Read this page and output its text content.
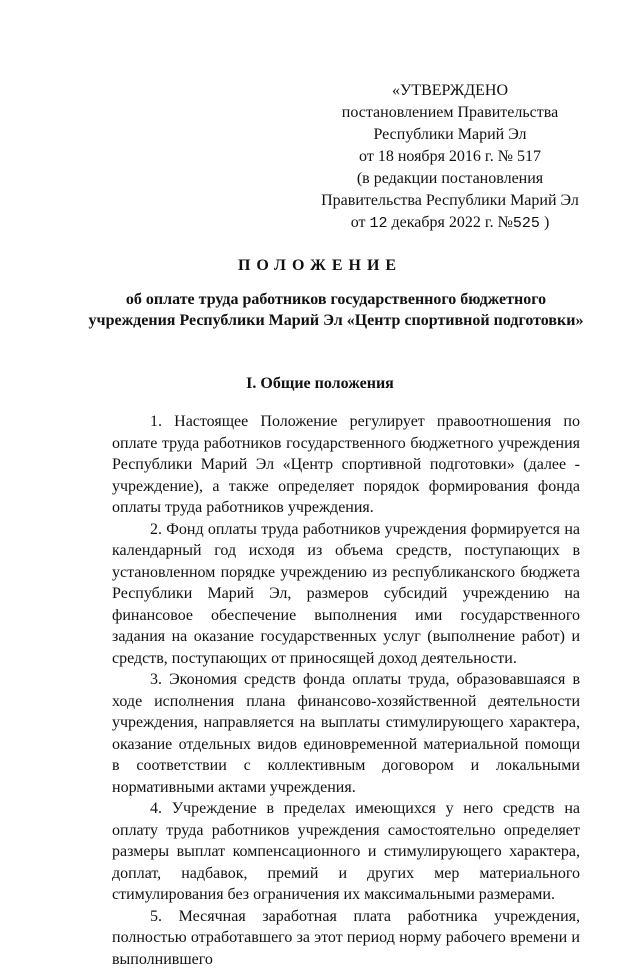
«УТВЕРЖДЕНО
постановлением Правительства
Республики Марий Эл
от 18 ноября 2016 г. № 517
(в редакции постановления
Правительства Республики Марий Эл
от 12 декабря 2022 г. №525 )
ПОЛОЖЕНИЕ
об оплате труда работников государственного бюджетного учреждения Республики Марий Эл «Центр спортивной подготовки»
I. Общие положения

1. Настоящее Положение регулирует правоотношения по оплате труда работников государственного бюджетного учреждения Республики Марий Эл «Центр спортивной подготовки» (далее - учреждение), а также определяет порядок формирования фонда оплаты труда работников учреждения.

2. Фонд оплаты труда работников учреждения формируется на календарный год исходя из объема средств, поступающих в установленном порядке учреждению из республиканского бюджета Республики Марий Эл, размеров субсидий учреждению на финансовое обеспечение выполнения ими государственного задания на оказание государственных услуг (выполнение работ) и средств, поступающих от приносящей доход деятельности.

3. Экономия средств фонда оплаты труда, образовавшаяся в ходе исполнения плана финансово-хозяйственной деятельности учреждения, направляется на выплаты стимулирующего характера, оказание отдельных видов единовременной материальной помощи в соответствии с коллективным договором и локальными нормативными актами учреждения.

4. Учреждение в пределах имеющихся у него средств на оплату труда работников учреждения самостоятельно определяет размеры выплат компенсационного и стимулирующего характера, доплат, надбавок, премий и других мер материального стимулирования без ограничения их максимальными размерами.

5. Месячная заработная плата работника учреждения, полностью отработавшего за этот период норму рабочего времени и выполнившего
